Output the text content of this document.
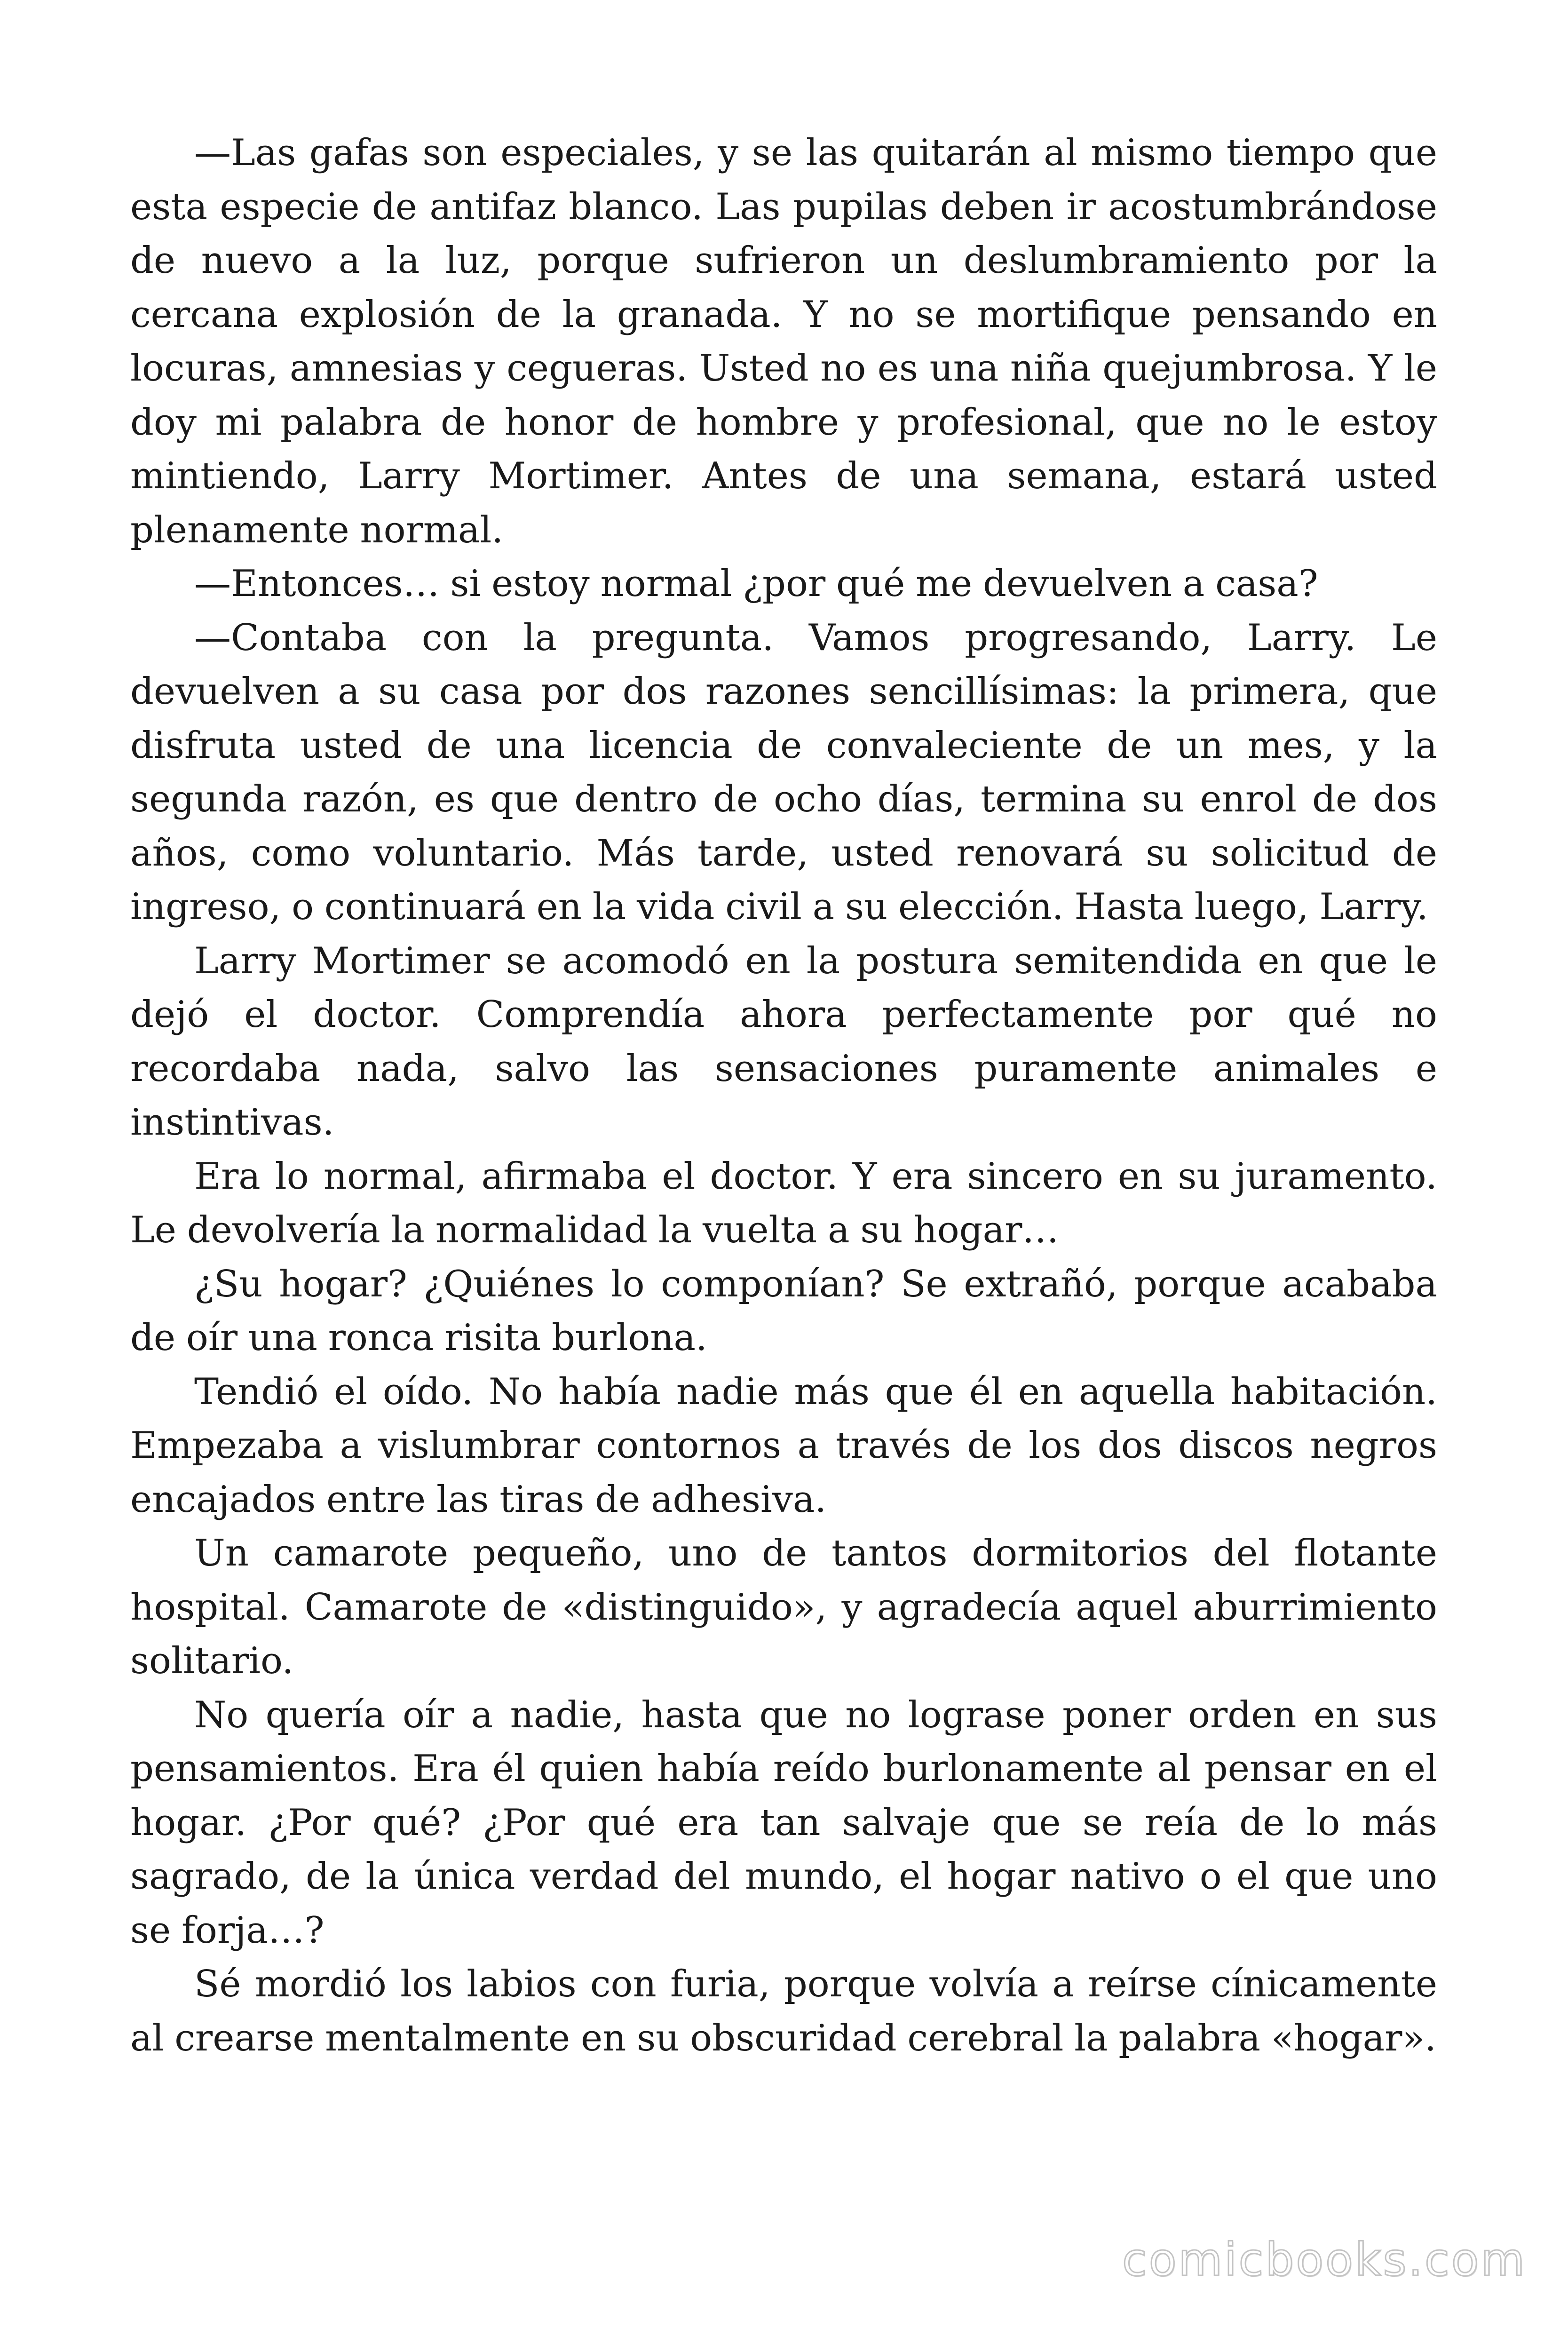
—Las gafas son especiales, y se las quitarán al mismo tiempo que esta especie de antifaz blanco. Las pupilas deben ir acostumbrándose de nuevo a la luz, porque sufrieron un deslumbramiento por la cercana explosión de la granada. Y no se mortifique pensando en locuras, amnesias y cegueras. Usted no es una niña quejumbrosa. Y le doy mi palabra de honor de hombre y profesional, que no le estoy mintiendo, Larry Mortimer. Antes de una semana, estará usted plenamente normal.

—Entonces… si estoy normal ¿por qué me devuelven a casa?

—Contaba con la pregunta. Vamos progresando, Larry. Le devuelven a su casa por dos razones sencillísimas: la primera, que disfruta usted de una licencia de convaleciente de un mes, y la segunda razón, es que dentro de ocho días, termina su enrol de dos años, como voluntario. Más tarde, usted renovará su solicitud de ingreso, o continuará en la vida civil a su elección. Hasta luego, Larry.

Larry Mortimer se acomodó en la postura semitendida en que le dejó el doctor. Comprendía ahora perfectamente por qué no recordaba nada, salvo las sensaciones puramente animales e instintivas.

Era lo normal, afirmaba el doctor. Y era sincero en su juramento. Le devolvería la normalidad la vuelta a su hogar…

¿Su hogar? ¿Quiénes lo componían? Se extrañó, porque acababa de oír una ronca risita burlona.

Tendió el oído. No había nadie más que él en aquella habitación. Empezaba a vislumbrar contornos a través de los dos discos negros encajados entre las tiras de adhesiva.

Un camarote pequeño, uno de tantos dormitorios del flotante hospital. Camarote de «distinguido», y agradecía aquel aburrimiento solitario.

No quería oír a nadie, hasta que no lograse poner orden en sus pensamientos. Era él quien había reído burlonamente al pensar en el hogar. ¿Por qué? ¿Por qué era tan salvaje que se reía de lo más sagrado, de la única verdad del mundo, el hogar nativo o el que uno se forja…?

Sé mordió los labios con furia, porque volvía a reírse cínicamente al crearse mentalmente en su obscuridad cerebral la palabra «hogar».

comicbooks.com
